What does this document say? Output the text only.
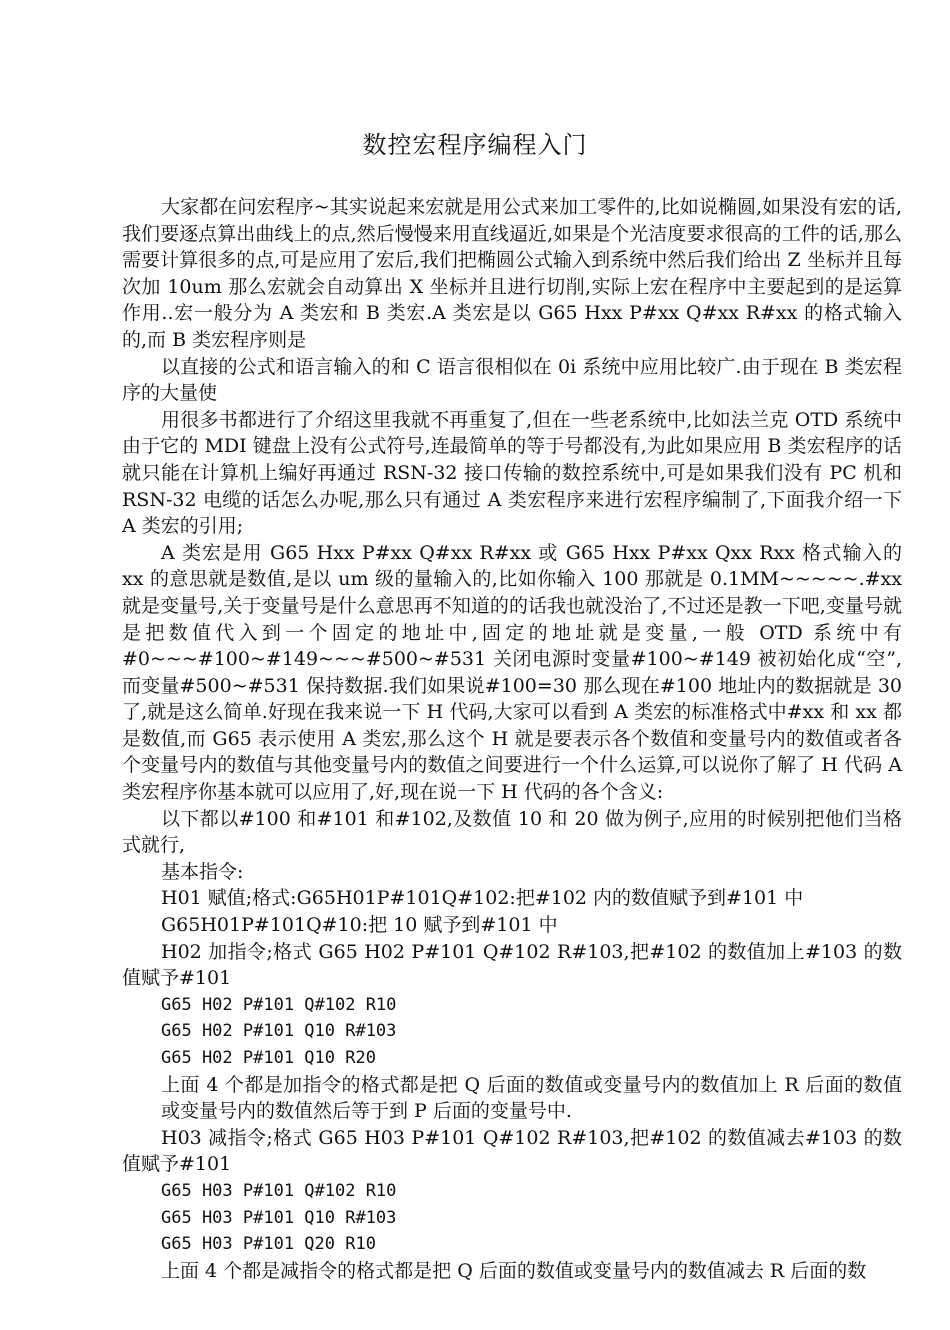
数控宏程序编程入门

大家都在问宏程序~其实说起来宏就是用公式来加工零件的,比如说椭圆,如果没有宏的话,我们要逐点算出曲线上的点,然后慢慢来用直线逼近,如果是个光洁度要求很高的工件的话,那么需要计算很多的点,可是应用了宏后,我们把椭圆公式输入到系统中然后我们给出 Z 坐标并且每次加 10um 那么宏就会自动算出 X 坐标并且进行切削,实际上宏在程序中主要起到的是运算作用..宏一般分为 A 类宏和 B 类宏.A 类宏是以 G65 Hxx P#xx Q#xx R#xx 的格式输入的,而 B 类宏程序则是

以直接的公式和语言输入的和 C 语言很相似在 0i 系统中应用比较广.由于现在 B 类宏程序的大量使

用很多书都进行了介绍这里我就不再重复了,但在一些老系统中,比如法兰克 OTD 系统中由于它的 MDI 键盘上没有公式符号,连最简单的等于号都没有,为此如果应用 B 类宏程序的话就只能在计算机上编好再通过 RSN-32 接口传输的数控系统中,可是如果我们没有 PC 机和 RSN-32 电缆的话怎么办呢,那么只有通过 A 类宏程序来进行宏程序编制了,下面我介绍一下 A 类宏的引用;

A 类宏是用 G65 Hxx P#xx Q#xx R#xx 或 G65 Hxx P#xx Qxx Rxx 格式输入的 xx 的意思就是数值,是以 um 级的量输入的,比如你输入 100 那就是 0.1MM~~~~~.#xx 就是变量号,关于变量号是什么意思再不知道的的话我也就没治了,不过还是教一下吧,变量号就是把数值代入到一个固定的地址中,固定的地址就是变量,一般 OTD 系统中有 #0~~~#100~#149~~~#500~#531 关闭电源时变量#100~#149 被初始化成“空”, 而变量#500~#531 保持数据.我们如果说#100=30 那么现在#100 地址内的数据就是 30 了,就是这么简单.好现在我来说一下 H 代码,大家可以看到 A 类宏的标准格式中#xx 和 xx 都是数值,而 G65 表示使用 A 类宏,那么这个 H 就是要表示各个数值和变量号内的数值或者各个变量号内的数值与其他变量号内的数值之间要进行一个什么运算,可以说你了解了 H 代码 A 类宏程序你基本就可以应用了,好,现在说一下 H 代码的各个含义:

以下都以#100 和#101 和#102,及数值 10 和 20 做为例子,应用的时候别把他们当格式就行,

基本指令:

H01 赋值;格式:G65H01P#101Q#102:把#102 内的数值赋予到#101 中

G65H01P#101Q#10:把 10 赋予到#101 中

H02 加指令;格式 G65 H02 P#101 Q#102 R#103,把#102 的数值加上#103 的数值赋予#101

G65 H02 P#101 Q#102 R10

G65 H02 P#101 Q10 R#103

G65 H02 P#101 Q10 R20

上面 4 个都是加指令的格式都是把 Q 后面的数值或变量号内的数值加上 R 后面的数值或变量号内的数值然后等于到 P 后面的变量号中.

H03 减指令;格式 G65 H03 P#101 Q#102 R#103,把#102 的数值减去#103 的数值赋予#101

G65 H03 P#101 Q#102 R10

G65 H03 P#101 Q10 R#103

G65 H03 P#101 Q20 R10

上面 4 个都是减指令的格式都是把 Q 后面的数值或变量号内的数值减去 R 后面的数
